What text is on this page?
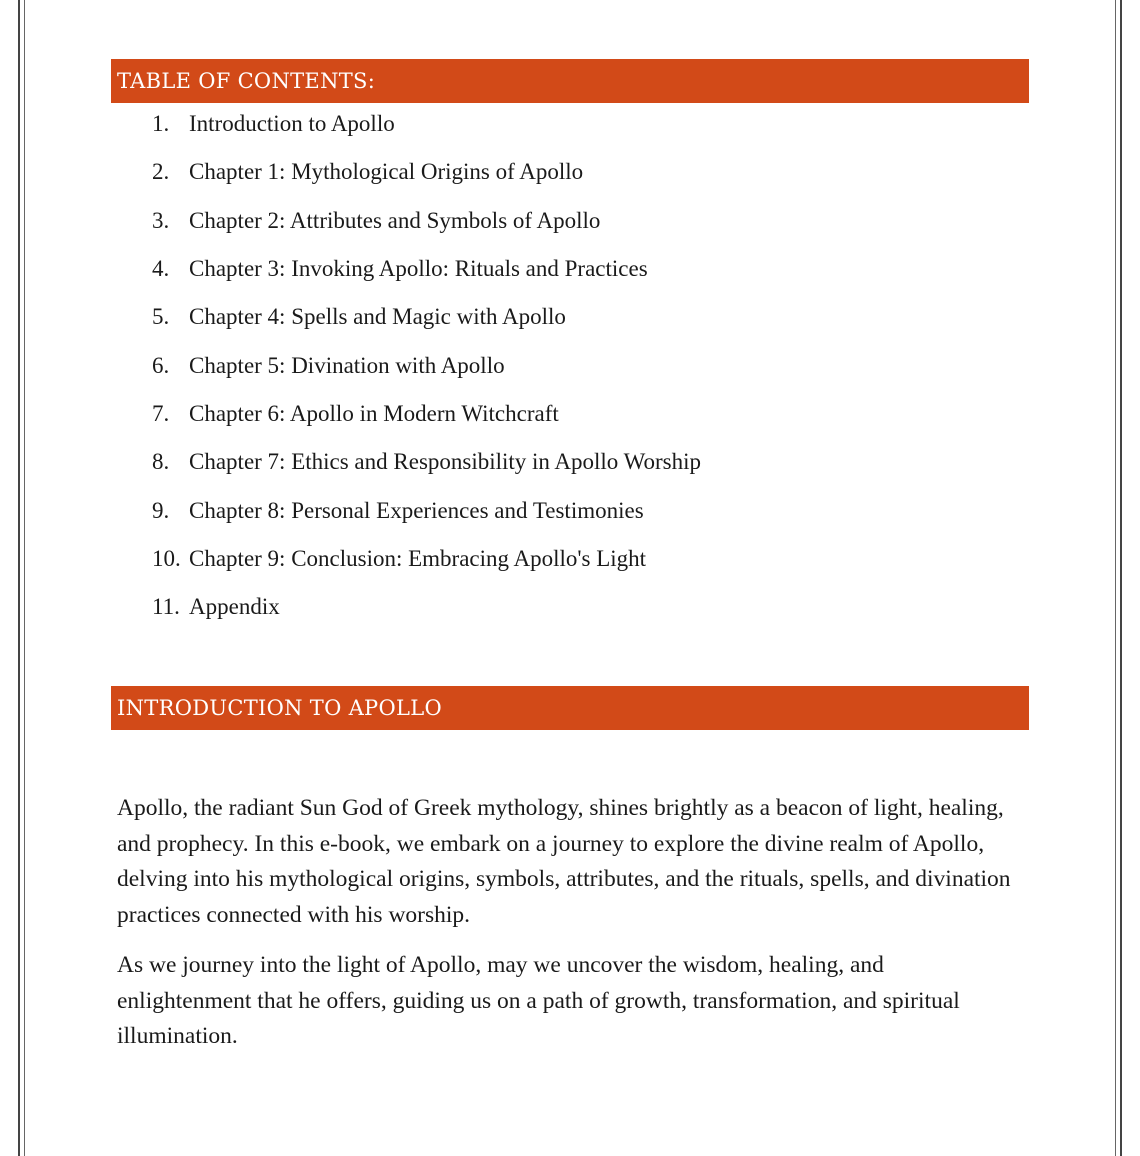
TABLE OF CONTENTS:
1. Introduction to Apollo
2. Chapter 1: Mythological Origins of Apollo
3. Chapter 2: Attributes and Symbols of Apollo
4. Chapter 3: Invoking Apollo: Rituals and Practices
5. Chapter 4: Spells and Magic with Apollo
6. Chapter 5: Divination with Apollo
7. Chapter 6: Apollo in Modern Witchcraft
8. Chapter 7: Ethics and Responsibility in Apollo Worship
9. Chapter 8: Personal Experiences and Testimonies
10. Chapter 9: Conclusion: Embracing Apollo's Light
11. Appendix
INTRODUCTION TO APOLLO

Apollo, the radiant Sun God of Greek mythology, shines brightly as a beacon of light, healing, and prophecy. In this e-book, we embark on a journey to explore the divine realm of Apollo, delving into his mythological origins, symbols, attributes, and the rituals, spells, and divination practices connected with his worship.

As we journey into the light of Apollo, may we uncover the wisdom, healing, and enlightenment that he offers, guiding us on a path of growth, transformation, and spiritual illumination.
